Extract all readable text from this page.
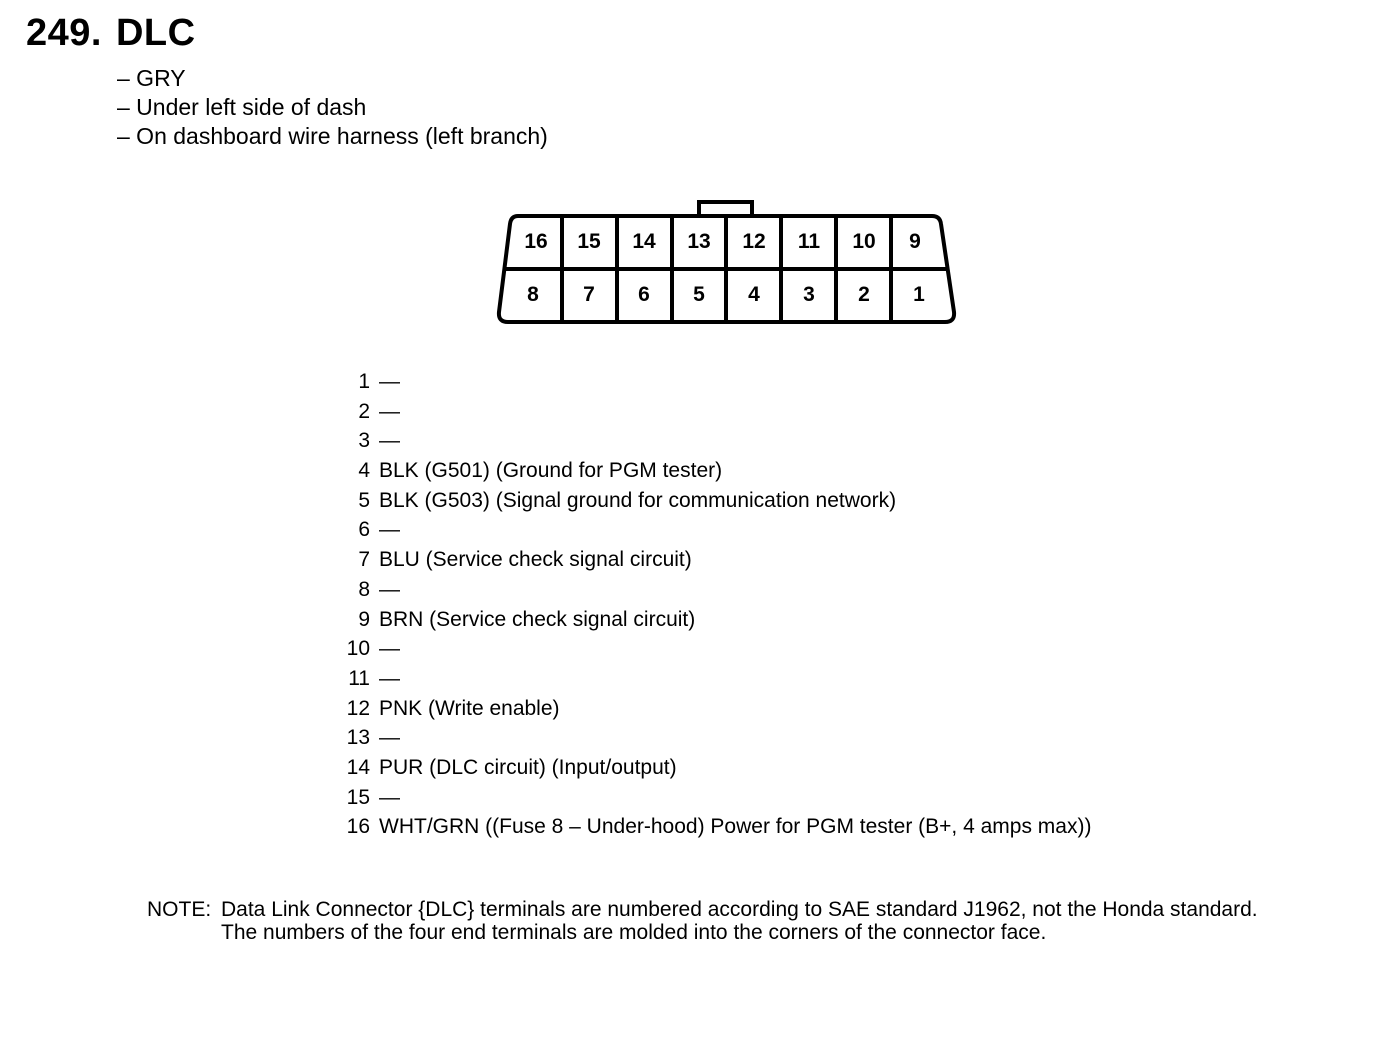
249. DLC
– GRY
– Under left side of dash
– On dashboard wire harness (left branch)
16 15 14 13 12 11 10 9
8 7 6 5 4 3 2 1
1 —
2 —
3 —
4 BLK (G501) (Ground for PGM tester)
5 BLK (G503) (Signal ground for communication network)
6 —
7 BLU (Service check signal circuit)
8 —
9 BRN (Service check signal circuit)
10 —
11 —
12 PNK (Write enable)
13 —
14 PUR (DLC circuit) (Input/output)
15 —
16 WHT/GRN ((Fuse 8 – Under-hood) Power for PGM tester (B+, 4 amps max))
NOTE: Data Link Connector {DLC} terminals are numbered according to SAE standard J1962, not the Honda standard.
The numbers of the four end terminals are molded into the corners of the connector face.
